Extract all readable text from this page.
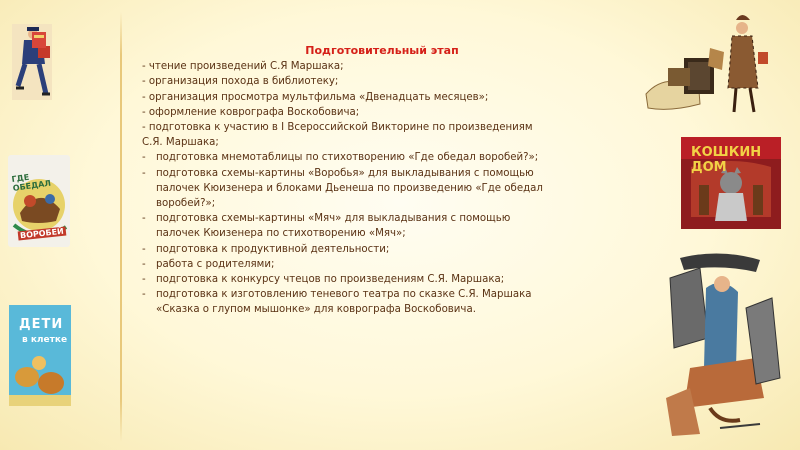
ГДЕ ОБЕДАЛ
ВОРОБЕЙ
ДЕТИ
в клетке
КОШКИН ДОМ
Подготовительный этап
- чтение произведений С.Я Маршака;
- организация похода в библиотеку;
- организация просмотра мультфильма «Двенадцать месяцев»;
- оформление коврографа Воскобовича;
- подготовка к участию в I Всероссийской Викторине по произведениям
С.Я. Маршака;
- подготовка мнемотаблицы по стихотворению «Где обедал воробей?»;
- подготовка схемы-картины «Воробья» для выкладывания с помощью
палочек Кюизенера и блоками Дьенеша по произведению «Где обедал
воробей?»;
- подготовка схемы-картины «Мяч» для выкладывания с помощью
палочек Кюизенера по стихотворению «Мяч»;
- подготовка к продуктивной деятельности;
- работа с родителями;
- подготовка к конкурсу чтецов по произведениям С.Я. Маршака;
- подготовка к изготовлению теневого театра по сказке С.Я. Маршака
«Сказка о глупом мышонке» для коврографа Воскобовича.
